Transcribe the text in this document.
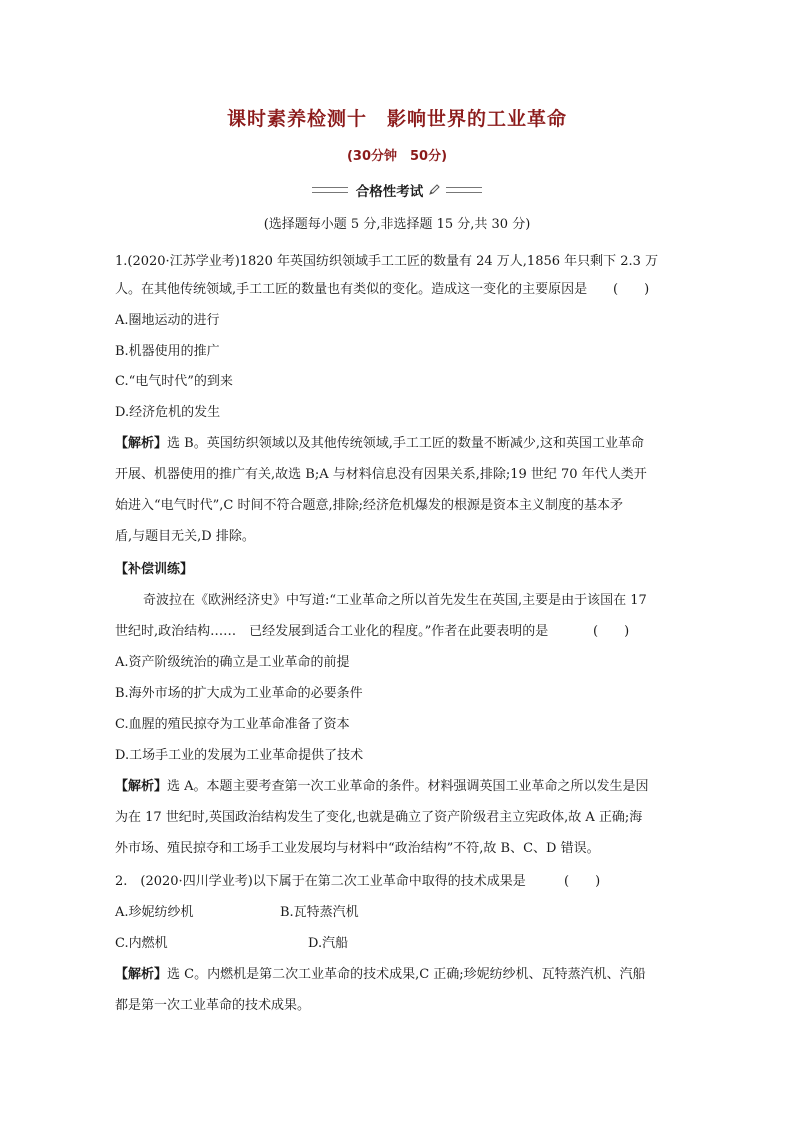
课时素养检测十　影响世界的工业革命
(30分钟　50分)
合格性考试
(选择题每小题 5 分,非选择题 15 分,共 30 分)
1.(2020·江苏学业考)1820 年英国纺织领域手工工匠的数量有 24 万人,1856 年只剩下 2.3 万
人。在其他传统领域,手工工匠的数量也有类似的变化。造成这一变化的主要原因是 (　　)
A.圈地运动的进行
B.机器使用的推广
C.“电气时代”的到来
D.经济危机的发生
【解析】选 B。英国纺织领域以及其他传统领域,手工工匠的数量不断减少,这和英国工业革命
开展、机器使用的推广有关,故选 B;A 与材料信息没有因果关系,排除;19 世纪 70 年代人类开
始进入“电气时代”,C 时间不符合题意,排除;经济危机爆发的根源是资本主义制度的基本矛
盾,与题目无关,D 排除。
【补偿训练】
奇波拉在《欧洲经济史》中写道:“工业革命之所以首先发生在英国,主要是由于该国在 17
世纪时,政治结构……　已经发展到适合工业化的程度。”作者在此要表明的是	(　　)
A.资产阶级统治的确立是工业革命的前提
B.海外市场的扩大成为工业革命的必要条件
C.血腥的殖民掠夺为工业革命准备了资本
D.工场手工业的发展为工业革命提供了技术
【解析】选 A。本题主要考查第一次工业革命的条件。材料强调英国工业革命之所以发生是因
为在 17 世纪时,英国政治结构发生了变化,也就是确立了资产阶级君主立宪政体,故 A 正确;海
外市场、殖民掠夺和工场手工业发展均与材料中“政治结构”不符,故 B、C、D 错误。
2.　(2020·四川学业考)以下属于在第二次工业革命中取得的技术成果是	(　　)
A.珍妮纺纱机	B.瓦特蒸汽机
C.内燃机	D.汽船
【解析】选 C。内燃机是第二次工业革命的技术成果,C 正确;珍妮纺纱机、瓦特蒸汽机、汽船
都是第一次工业革命的技术成果。
